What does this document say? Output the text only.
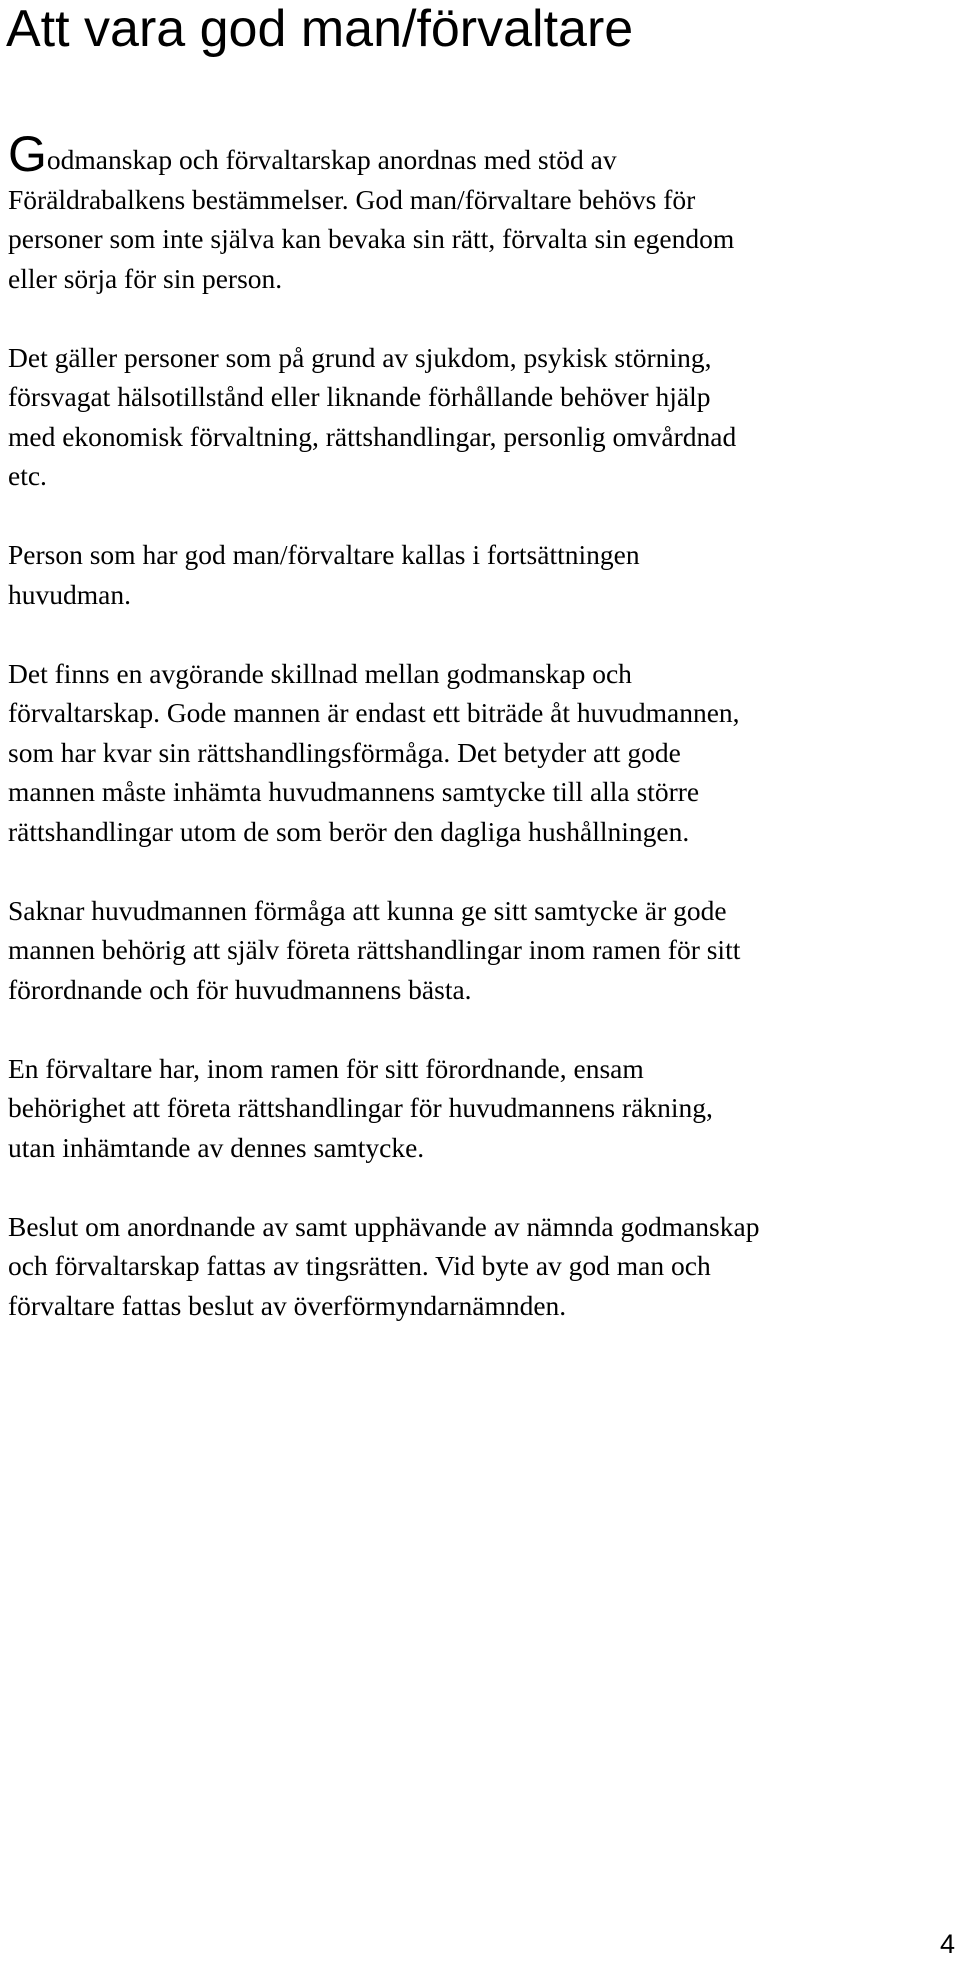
Att vara god man/förvaltare

Godmanskap och förvaltarskap anordnas med stöd av
Föräldrabalkens bestämmelser. God man/förvaltare behövs för
personer som inte själva kan bevaka sin rätt, förvalta sin egendom
eller sörja för sin person.

Det gäller personer som på grund av sjukdom, psykisk störning,
försvagat hälsotillstånd eller liknande förhållande behöver hjälp
med ekonomisk förvaltning, rättshandlingar, personlig omvårdnad
etc.

Person som har god man/förvaltare kallas i fortsättningen
huvudman.

Det finns en avgörande skillnad mellan godmanskap och
förvaltarskap. Gode mannen är endast ett biträde åt huvudmannen,
som har kvar sin rättshandlingsförmåga. Det betyder att gode
mannen måste inhämta huvudmannens samtycke till alla större
rättshandlingar utom de som berör den dagliga hushållningen.

Saknar huvudmannen förmåga att kunna ge sitt samtycke är gode
mannen behörig att själv företa rättshandlingar inom ramen för sitt
förordnande och för huvudmannens bästa.

En förvaltare har, inom ramen för sitt förordnande, ensam
behörighet att företa rättshandlingar för huvudmannens räkning,
utan inhämtande av dennes samtycke.

Beslut om anordnande av samt upphävande av nämnda godmanskap
och förvaltarskap fattas av tingsrätten. Vid byte av god man och
förvaltare fattas beslut av överförmyndarnämnden.

4
